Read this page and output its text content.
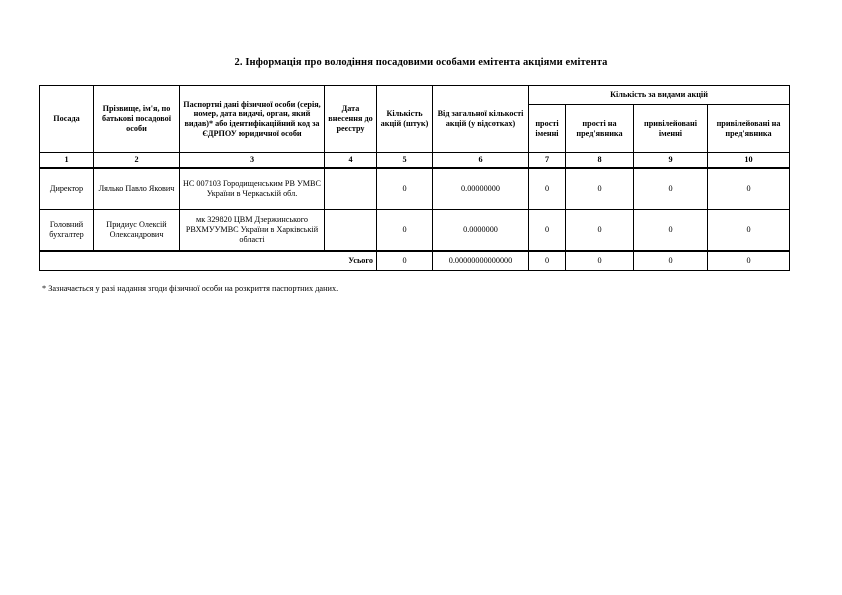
2. Інформація про володіння посадовими особами емітента акціями емітента
Посада	Прізвище, ім'я, по батькові посадової особи	Паспортні дані фізичної особи (серія, номер, дата видачі, орган, який видав)* або ідентифікаційний код за ЄДРПОУ юридичної особи	Дата внесення до реєстру	Кількість акцій (штук)	Від загальної кількості акцій (у відсотках)	Кількість за видами акцій			
						прості іменні	прості на пред'явника	привілейовані іменні	привілейовані на пред'явника
1	2	3	4	5	6	7	8	9	10
Директор	Лялько Павло Якович	НС 007103 Городищенським РВ УМВС України в Черкаській обл.		0	0.00000000	0	0	0	0
Головний бухгалтер	Придиус Олексій Олександрович	мк 329820 ЦВМ Дзержинського РВХМУУМВС України в Харківській області		0	0.0000000	0	0	0	0
Усього				0	0.00000000000000	0	0	0	0
* Зазначається у разі надання згоди фізичної особи на розкриття паспортних даних.
